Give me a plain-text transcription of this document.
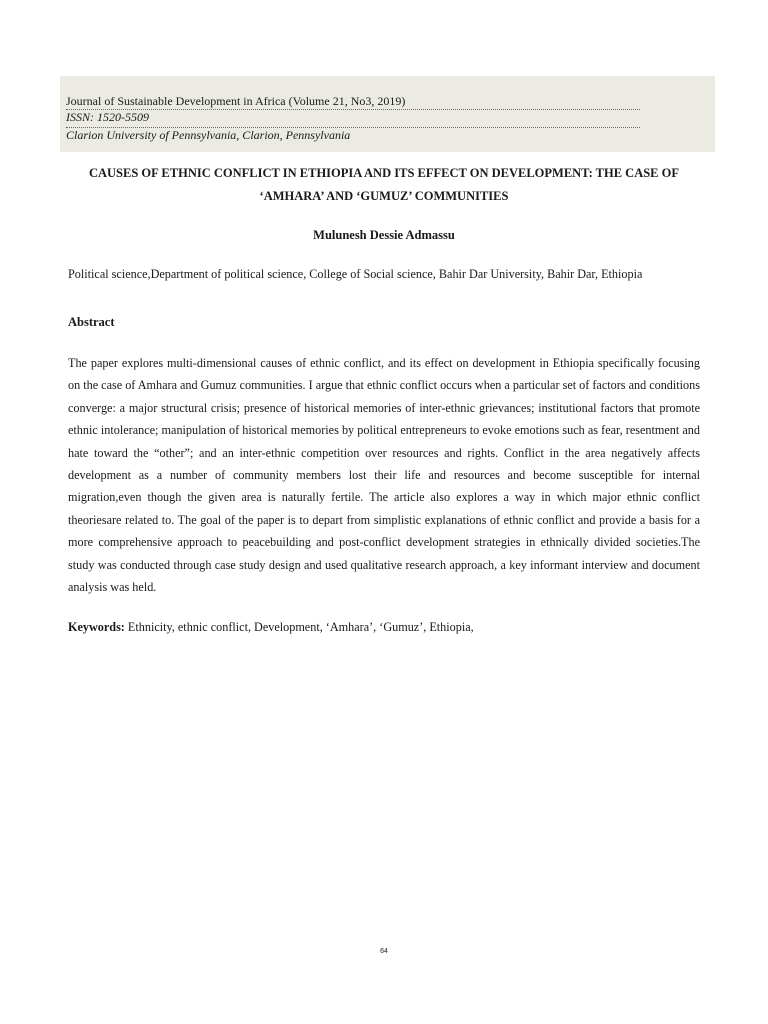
Journal of Sustainable Development in Africa (Volume 21, No3, 2019)
ISSN: 1520-5509
Clarion University of Pennsylvania, Clarion, Pennsylvania
CAUSES OF ETHNIC CONFLICT IN ETHIOPIA AND ITS EFFECT ON DEVELOPMENT: THE CASE OF
‘AMHARA’ AND ‘GUMUZ’ COMMUNITIES
Mulunesh Dessie Admassu
Political science,Department of political science, College of Social science, Bahir Dar University, Bahir Dar, Ethiopia
Abstract

The paper explores multi-dimensional causes of ethnic conflict, and its effect on development in Ethiopia specifically focusing on the case of Amhara and Gumuz communities. I argue that ethnic conflict occurs when a particular set of factors and conditions converge: a major structural crisis; presence of historical memories of inter-ethnic grievances; institutional factors that promote ethnic intolerance; manipulation of historical memories by political entrepreneurs to evoke emotions such as fear, resentment and hate toward the “other”; and an inter-ethnic competition over resources and rights. Conflict in the area negatively affects development as a number of community members lost their life and resources and become susceptible for internal migration,even though the given area is naturally fertile. The article also explores a way in which major ethnic conflict theoriesare related to. The goal of the paper is to depart from simplistic explanations of ethnic conflict and provide a basis for a more comprehensive approach to peacebuilding and post-conflict development strategies in ethnically divided societies.The study was conducted through case study design and used qualitative research approach, a key informant interview and document analysis was held.

Keywords: Ethnicity, ethnic conflict, Development, ‘Amhara’, ‘Gumuz’, Ethiopia,
64
